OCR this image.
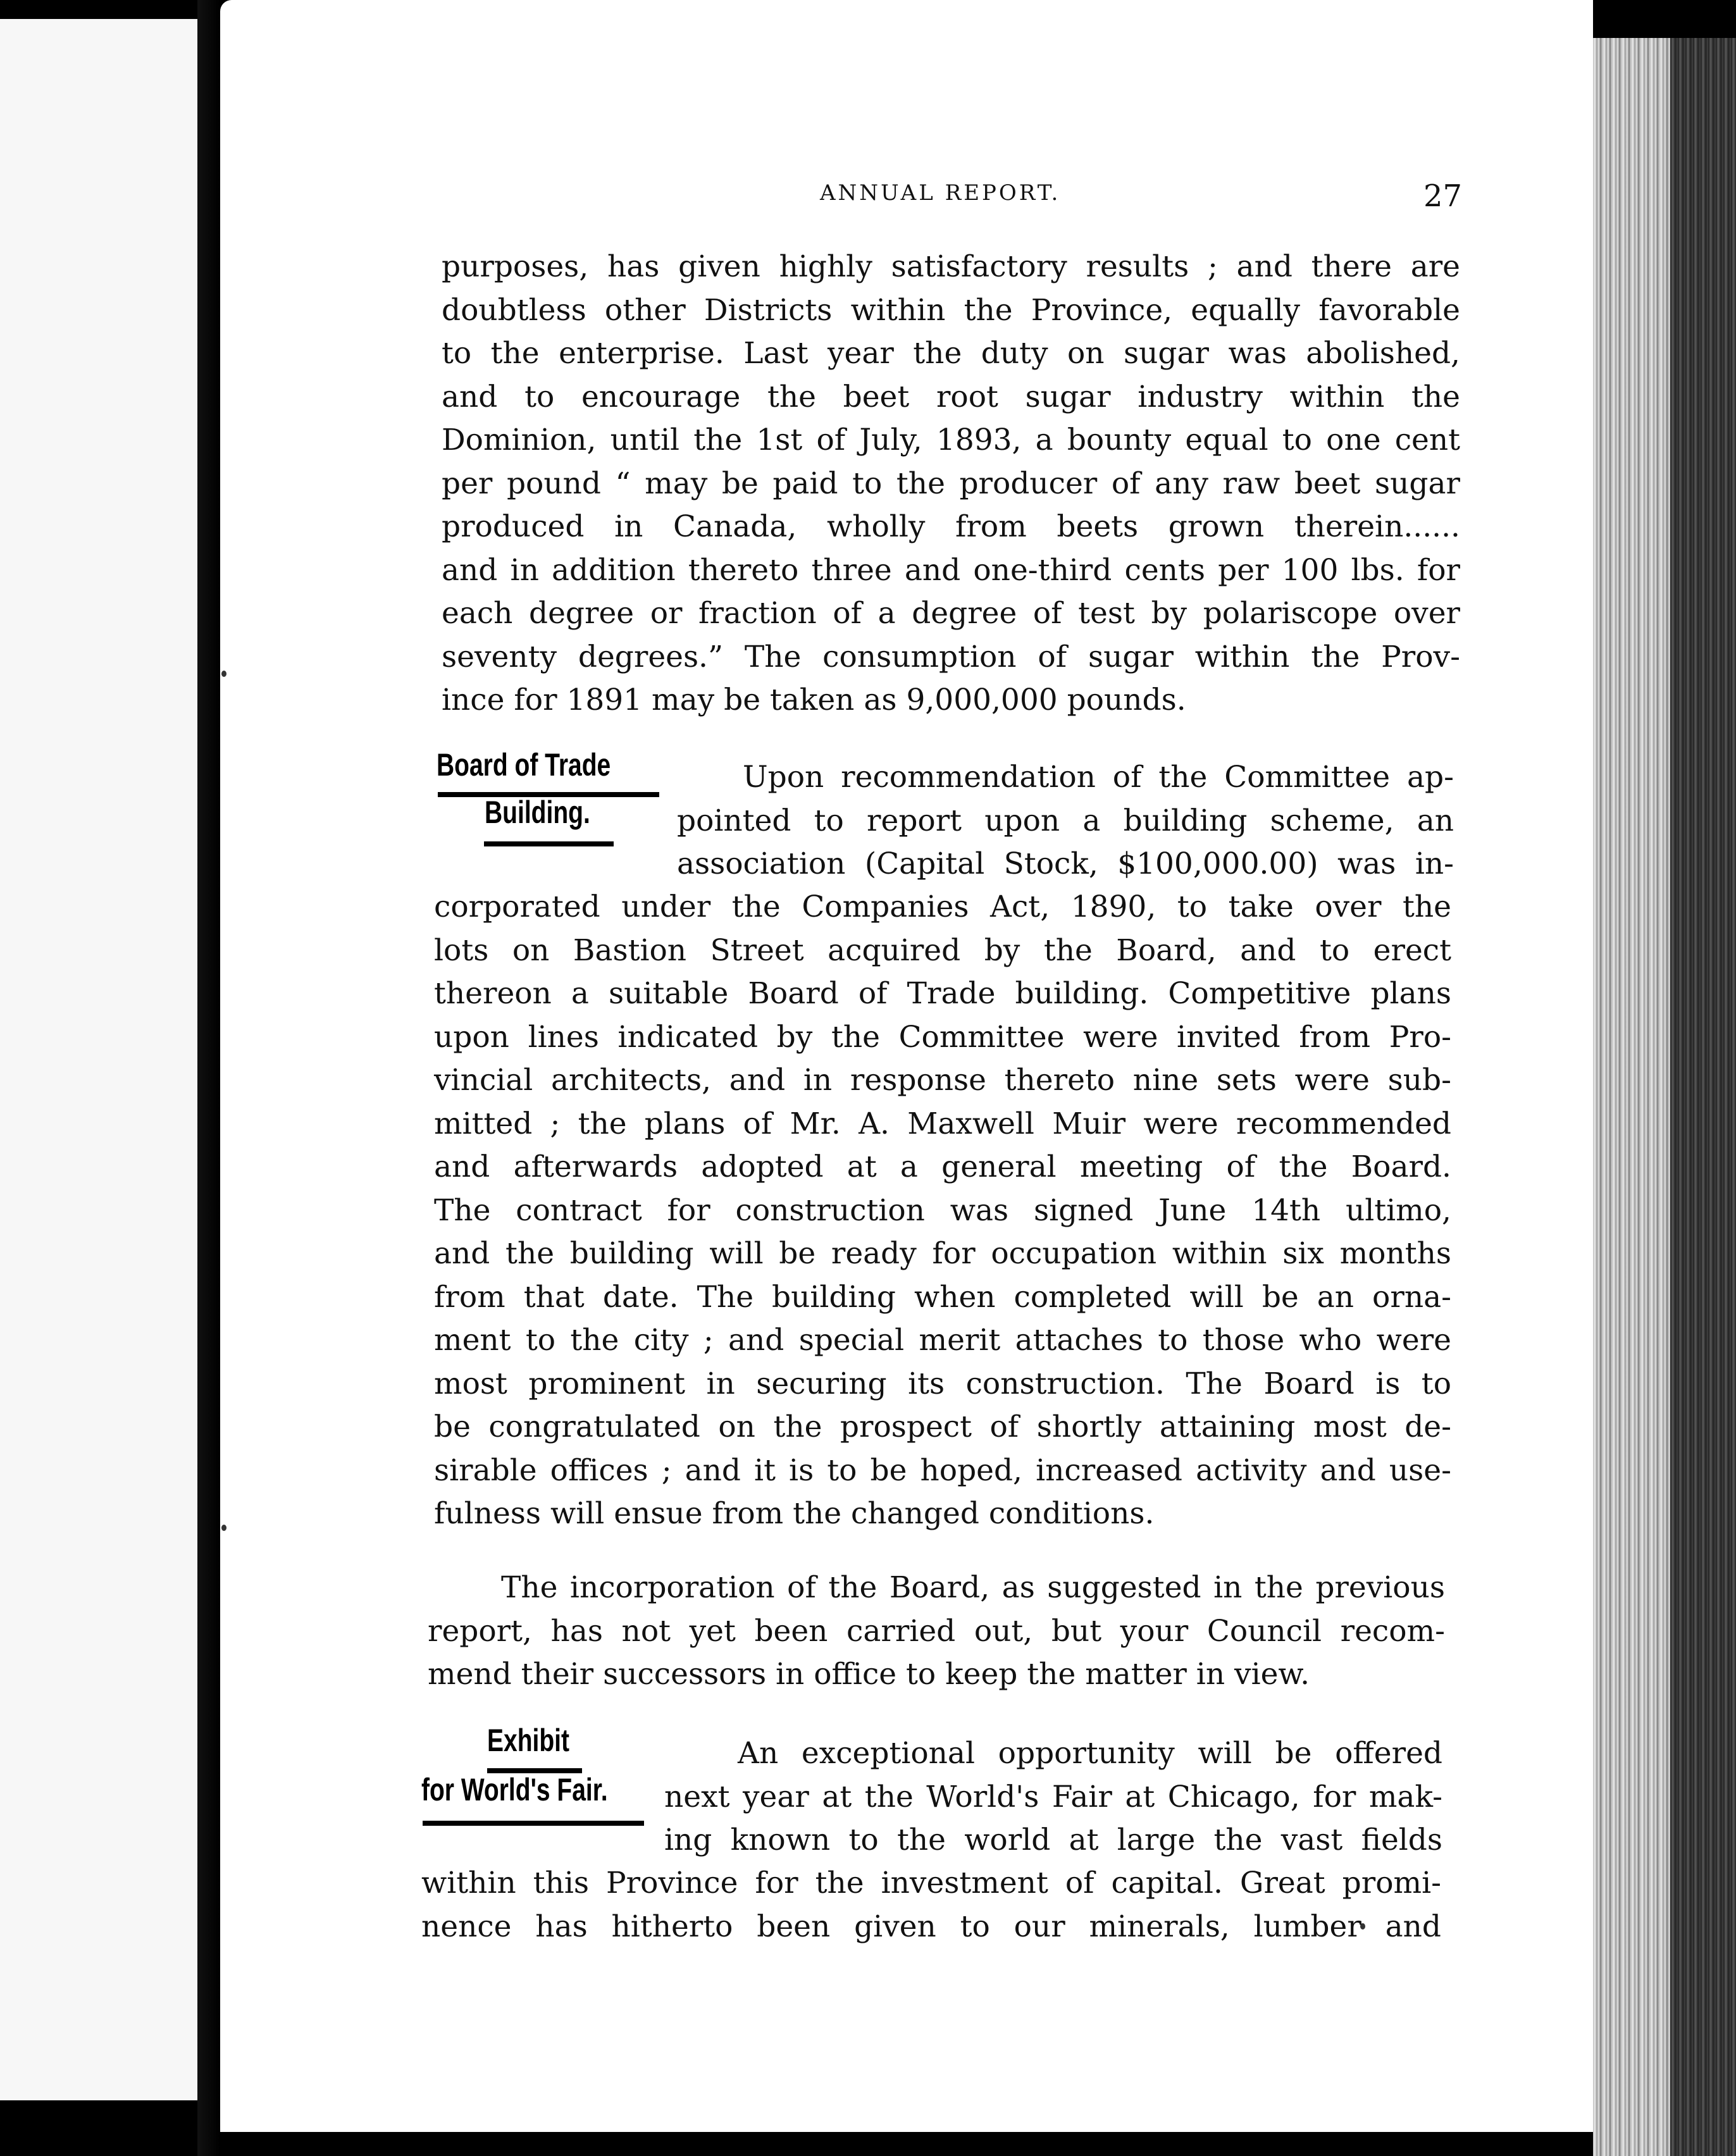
ANNUAL REPORT.	27
purposes, has given highly satisfactory results ; and there are
doubtless other Districts within the Province, equally favorable
to the enterprise. Last year the duty on sugar was abolished,
and to encourage the beet root sugar industry within the
Dominion, until the 1st of July, 1893, a bounty equal to one cent
per pound “ may be paid to the producer of any raw beet sugar
produced in Canada, wholly from beets grown therein......
and in addition thereto three and one-third cents per 100 lbs. for
each degree or fraction of a degree of test by polariscope over
seventy degrees.” The consumption of sugar within the Prov-
ince for 1891 may be taken as 9,000,000 pounds.
Board of Trade
Building.
Upon recommendation of the Committee ap-
pointed to report upon a building scheme, an
association (Capital Stock, $100,000.00) was in-
corporated under the Companies Act, 1890, to take over the
lots on Bastion Street acquired by the Board, and to erect
thereon a suitable Board of Trade building. Competitive plans
upon lines indicated by the Committee were invited from Pro-
vincial architects, and in response thereto nine sets were sub-
mitted ; the plans of Mr. A. Maxwell Muir were recommended
and afterwards adopted at a general meeting of the Board.
The contract for construction was signed June 14th ultimo,
and the building will be ready for occupation within six months
from that date. The building when completed will be an orna-
ment to the city ; and special merit attaches to those who were
most prominent in securing its construction. The Board is to
be congratulated on the prospect of shortly attaining most de-
sirable offices ; and it is to be hoped, increased activity and use-
fulness will ensue from the changed conditions.
The incorporation of the Board, as suggested in the previous
report, has not yet been carried out, but your Council recom-
mend their successors in office to keep the matter in view.
Exhibit
for World's Fair.
An exceptional opportunity will be offered
next year at the World's Fair at Chicago, for mak-
ing known to the world at large the vast fields
within this Province for the investment of capital. Great promi-
nence has hitherto been given to our minerals, lumber and
